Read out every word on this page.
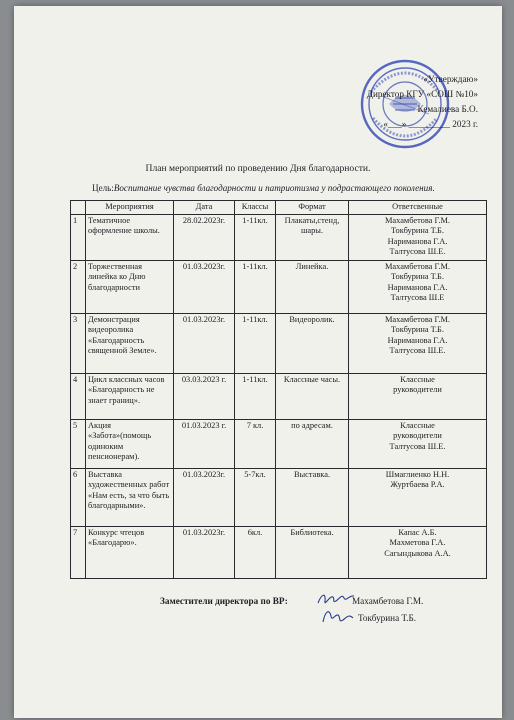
«Утверждаю»
Директор КГУ «СОШ №10»
Кемалиева Б.О.
«___» _________ 2023 г.
План мероприятий по проведению Дня благодарности.
Цель:Воспитание чувства благодарности и патриотизма у подрастающего поколения.
	Мероприятия	Дата	Классы	Формат	Ответсвенные
1	Тематичное оформление школы.	28.02.2023г.	1-11кл.	Плакаты,стенд, шары.	Махамбетова Г.М.
Токбурина Т.Б.
Нариманова Г.А.
Талтусова Ш.Е.

2	Торжественная линейка ко Дню благодарности	01.03.2023г.	1-11кл.	Линейка.	Махамбетова Г.М.
Токбурина Т.Б.
Нариманова Г.А.
Талтусова Ш.Е

3	Демонстрация видеоролика «Благодарность священной Земле».	01.03.2023г.	1-11кл.	Видеоролик.	Махамбетова Г.М.
Токбурина Т.Б.
Нариманова Г.А.
Талтусова Ш.Е.

4	Цикл классных часов «Благодарность не знает границ».	03.03.2023 г.	1-11кл.	Классные часы.	Классные
руководители

5	Акция «Забота»(помощь одиноким пенсионерам).	01.03.2023 г.	7 кл.	по адресам.	Классные
руководители
Талтусова Ш.Е.

6	Выставка художественных работ «Нам есть, за что быть благодарными».	01.03.2023г.	5-7кл.	Выставка.	Шмаглиенко Н.Н.
Журтбаева Р.А.

7	Конкурс чтецов «Благодарю».	01.03.2023г.	6кл.	Библиотека.	Капас А.Б.
Махметова Г.А.
Сагындыкова А.А.
Заместители директора по ВР:	Махамбетова Г.М.
Токбурина Т.Б.
